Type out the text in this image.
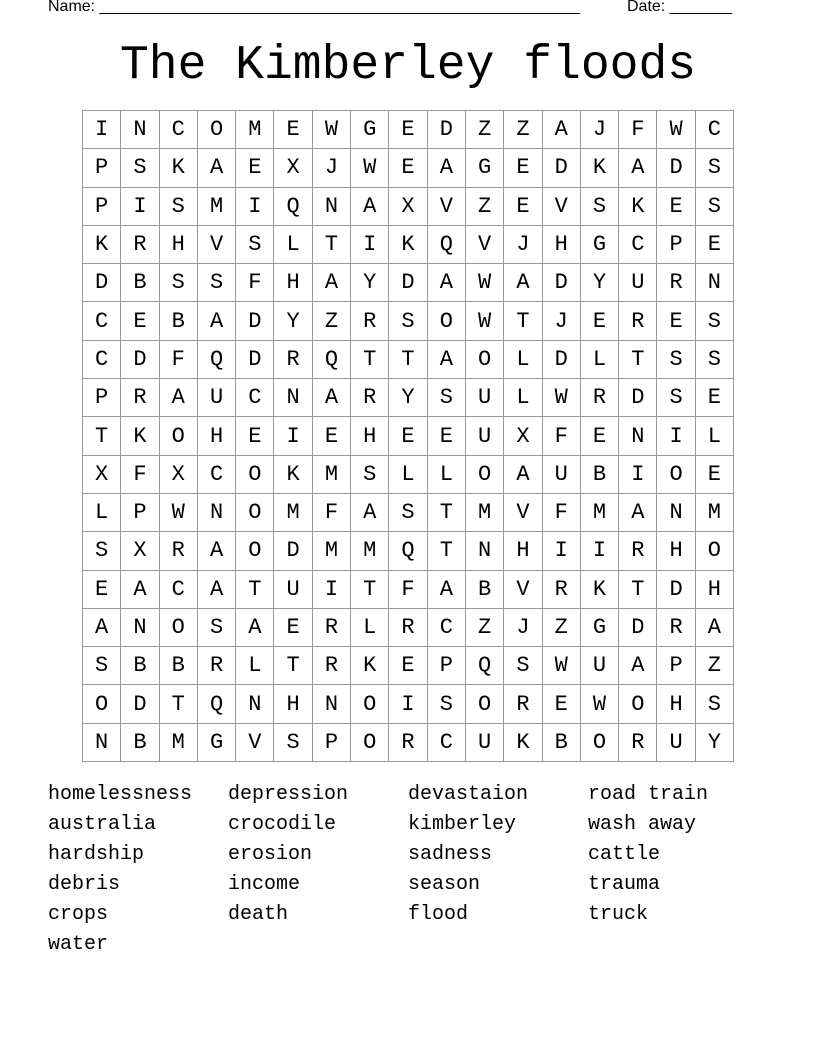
Name: ______________________________________________________	Date: _______
The Kimberley floods
I	N	C	O	M	E	W	G	E	D	Z	Z	A	J	F	W	C
P	S	K	A	E	X	J	W	E	A	G	E	D	K	A	D	S
P	I	S	M	I	Q	N	A	X	V	Z	E	V	S	K	E	S
K	R	H	V	S	L	T	I	K	Q	V	J	H	G	C	P	E
D	B	S	S	F	H	A	Y	D	A	W	A	D	Y	U	R	N
C	E	B	A	D	Y	Z	R	S	O	W	T	J	E	R	E	S
C	D	F	Q	D	R	Q	T	T	A	O	L	D	L	T	S	S
P	R	A	U	C	N	A	R	Y	S	U	L	W	R	D	S	E
T	K	O	H	E	I	E	H	E	E	U	X	F	E	N	I	L
X	F	X	C	O	K	M	S	L	L	O	A	U	B	I	O	E
L	P	W	N	O	M	F	A	S	T	M	V	F	M	A	N	M
S	X	R	A	O	D	M	M	Q	T	N	H	I	I	R	H	O
E	A	C	A	T	U	I	T	F	A	B	V	R	K	T	D	H
A	N	O	S	A	E	R	L	R	C	Z	J	Z	G	D	R	A
S	B	B	R	L	T	R	K	E	P	Q	S	W	U	A	P	Z
O	D	T	Q	N	H	N	O	I	S	O	R	E	W	O	H	S
N	B	M	G	V	S	P	O	R	C	U	K	B	O	R	U	Y
homelessness	depression	devastaion	road train
australia	crocodile	kimberley	wash away
hardship	erosion	sadness	cattle
debris	income	season	trauma
crops	death	flood	truck
water
